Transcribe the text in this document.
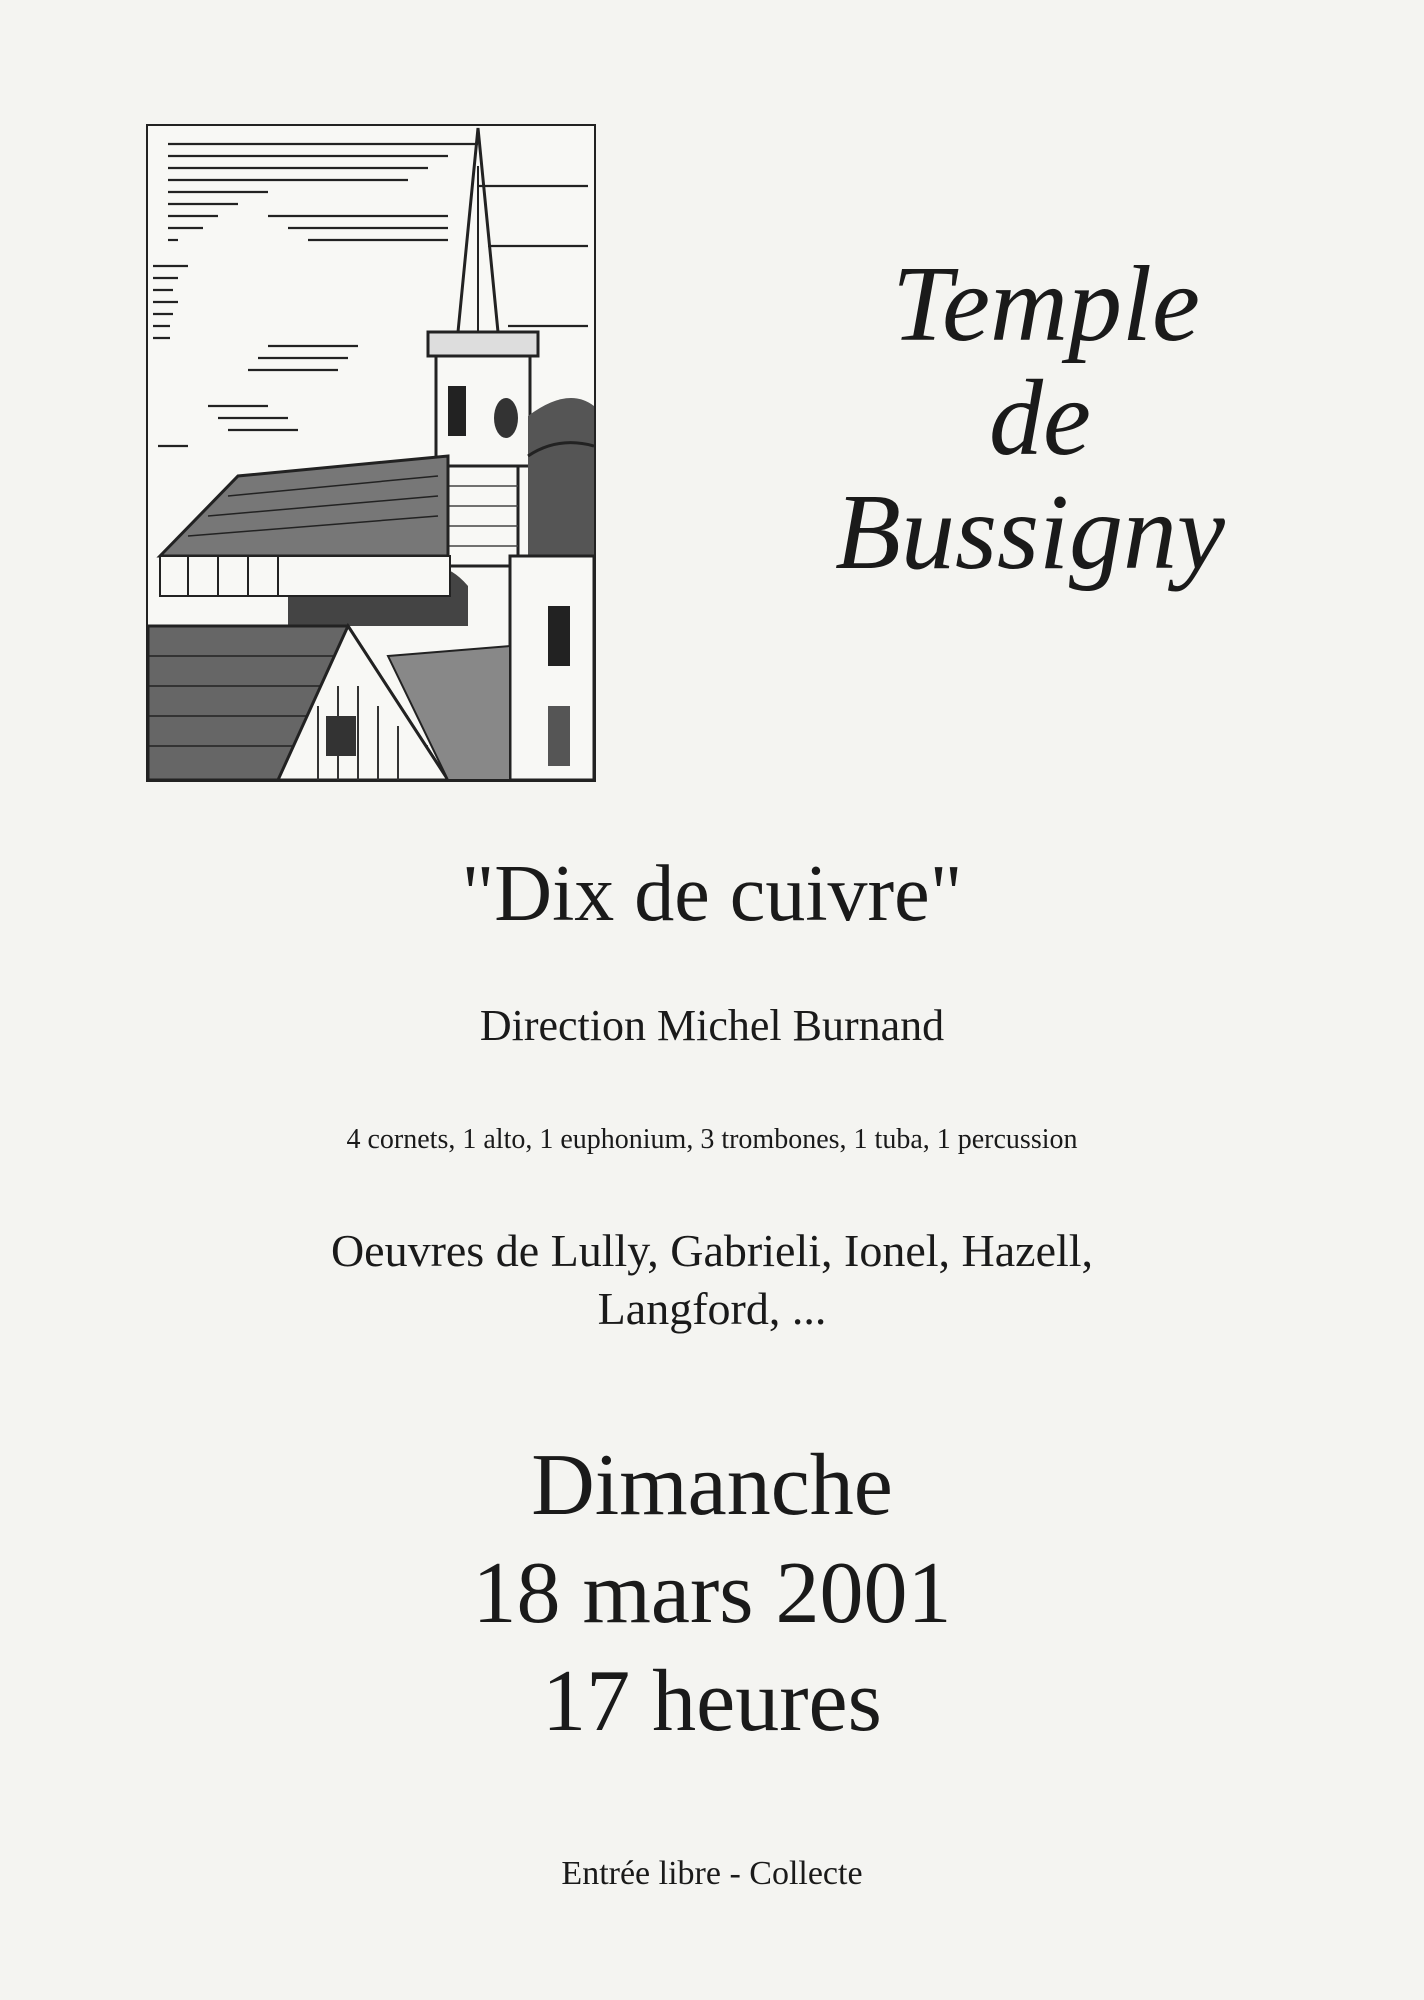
Temple
de
Bussigny
"Dix de cuivre"
Direction Michel Burnand
4 cornets, 1 alto, 1 euphonium, 3 trombones, 1 tuba, 1 percussion
Oeuvres de Lully, Gabrieli, Ionel, Hazell,
Langford, ...
Dimanche
18 mars 2001
17 heures
Entrée libre - Collecte
